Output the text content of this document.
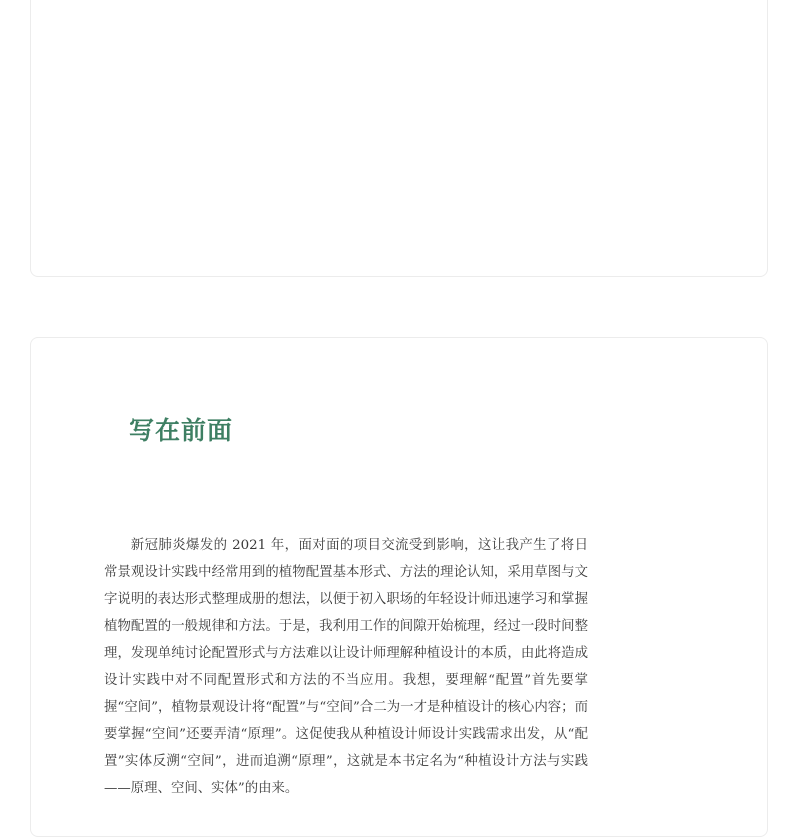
写在前面

新冠肺炎爆发的 2021 年，面对面的项目交流受到影响，这让我产生了将日常景观设计实践中经常用到的植物配置基本形式、方法的理论认知，采用草图与文字说明的表达形式整理成册的想法，以便于初入职场的年轻设计师迅速学习和掌握植物配置的一般规律和方法。于是，我利用工作的间隙开始梳理，经过一段时间整理，发现单纯讨论配置形式与方法难以让设计师理解种植设计的本质，由此将造成设计实践中对不同配置形式和方法的不当应用。我想，要理解“配置”首先要掌握“空间”，植物景观设计将“配置”与“空间”合二为一才是种植设计的核心内容；而要掌握“空间”还要弄清“原理”。这促使我从种植设计师设计实践需求出发，从“配置”实体反溯“空间”，进而追溯“原理”，这就是本书定名为“种植设计方法与实践——原理、空间、实体”的由来。
